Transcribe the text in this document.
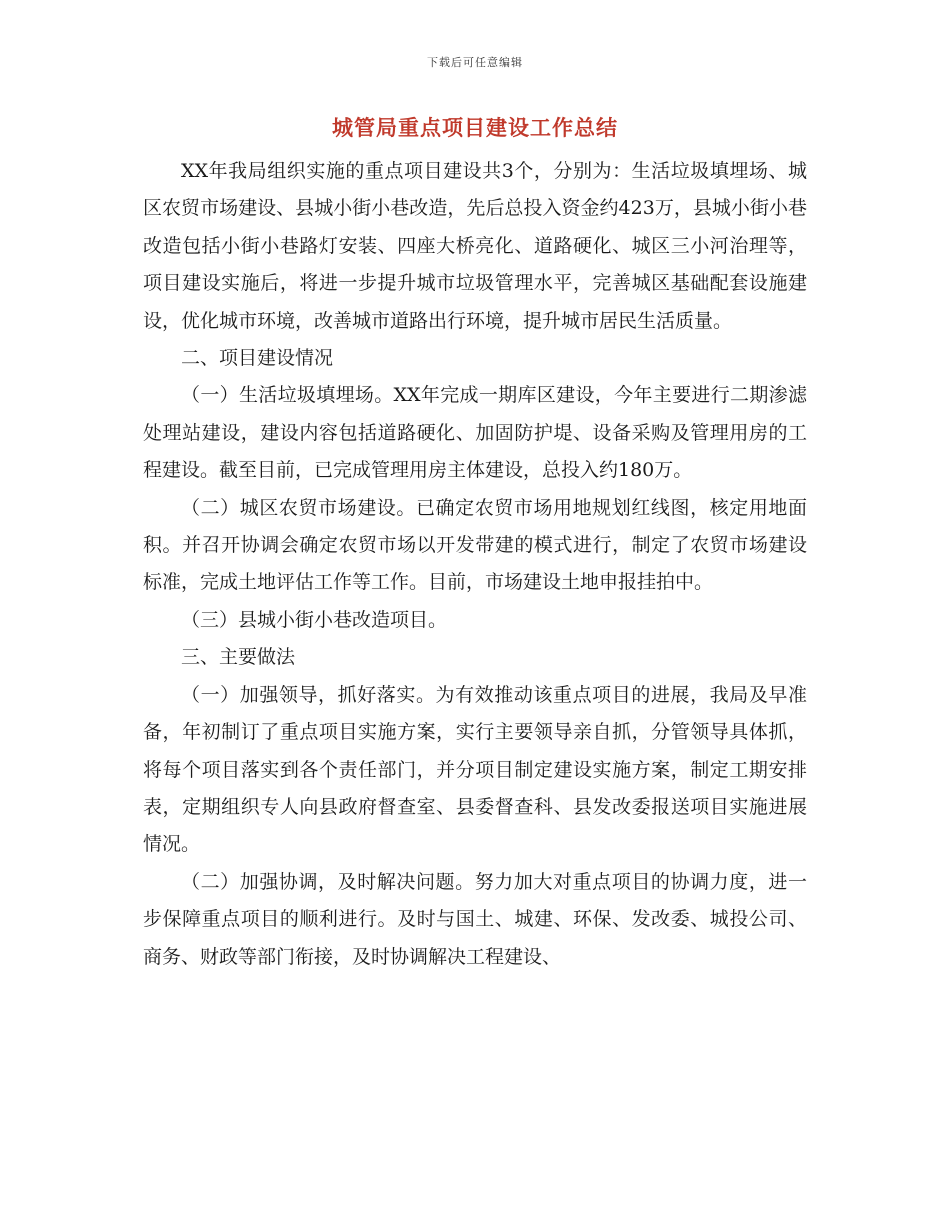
下载后可任意编辑
城管局重点项目建设工作总结

XX年我局组织实施的重点项目建设共3个，分别为：生活垃圾填埋场、城区农贸市场建设、县城小街小巷改造，先后总投入资金约423万，县城小街小巷改造包括小街小巷路灯安装、四座大桥亮化、道路硬化、城区三小河治理等，项目建设实施后，将进一步提升城市垃圾管理水平，完善城区基础配套设施建设，优化城市环境，改善城市道路出行环境，提升城市居民生活质量。

二、项目建设情况

（一）生活垃圾填埋场。XX年完成一期库区建设，今年主要进行二期渗滤处理站建设，建设内容包括道路硬化、加固防护堤、设备采购及管理用房的工程建设。截至目前，已完成管理用房主体建设，总投入约180万。

（二）城区农贸市场建设。已确定农贸市场用地规划红线图，核定用地面积。并召开协调会确定农贸市场以开发带建的模式进行，制定了农贸市场建设标准，完成土地评估工作等工作。目前，市场建设土地申报挂拍中。

（三）县城小街小巷改造项目。

三、主要做法

（一）加强领导，抓好落实。为有效推动该重点项目的进展，我局及早准备，年初制订了重点项目实施方案，实行主要领导亲自抓，分管领导具体抓，将每个项目落实到各个责任部门，并分项目制定建设实施方案，制定工期安排表，定期组织专人向县政府督查室、县委督查科、县发改委报送项目实施进展情况。

（二）加强协调，及时解决问题。努力加大对重点项目的协调力度，进一步保障重点项目的顺利进行。及时与国土、城建、环保、发改委、城投公司、商务、财政等部门衔接，及时协调解决工程建设、
